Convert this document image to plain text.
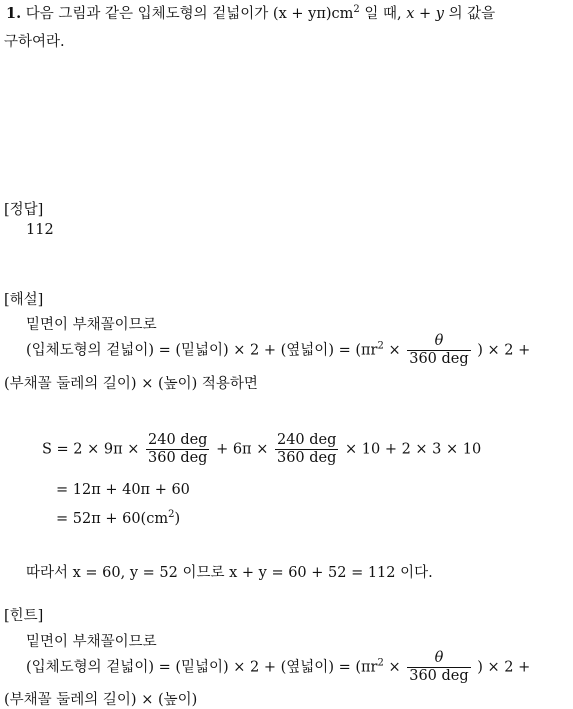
1. 다음 그림과 같은 입체도형의 겉넓이가 $(x + y\pi)cm^2$ 일 때, x + y 의 값을
구하여라.
[정답]
112
[해설]
밑면이 부채꼴이므로
(입체도형의 겉넓이) = (밑넓이) × 2 + (옆넓이) = ($\pi r^2 \times \frac{\theta}{\text{360 deg}}$ ) × 2 +
(부채꼴 둘레의 길이) × (높이) 적용하면
$S = 2 \times 9\pi \times \frac{\text{240 deg}}{\text{360 deg}} + 6\pi \times \frac{\text{240 deg}}{\text{360 deg}} \times 10 + 2 \times 3 \times 10$
= 12π + 40π + 60
= $52\pi + 60(cm^2)$
따라서 x = 60, y = 52 이므로 x + y = 60 + 52 = 112 이다.
[힌트]
밑면이 부채꼴이므로
(입체도형의 겉넓이) = (밑넓이) × 2 + (옆넓이) = ($\pi r^2 \times \frac{\theta}{\text{360 deg}}$ ) × 2 +
(부채꼴 둘레의 길이) × (높이)
